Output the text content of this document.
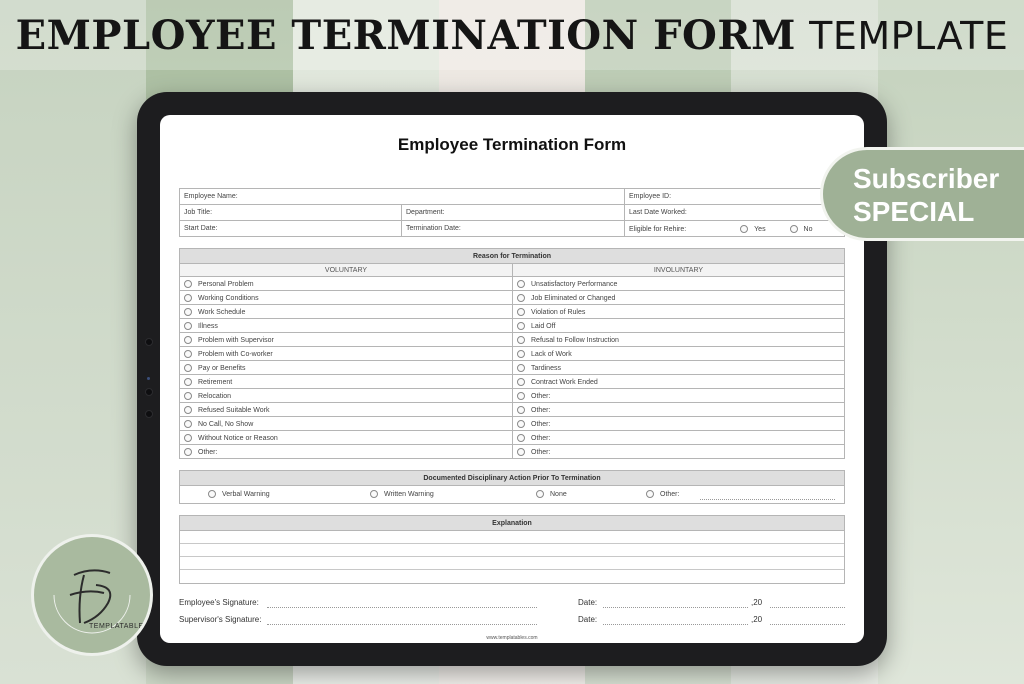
EMPLOYEE TERMINATION FORM TEMPLATE
Employee Termination Form
Employee Name:		Employee ID:
Job Title:	Department:	Last Date Worked:
Start Date:	Termination Date:	Eligible for Rehire: Yes No
Reason for Termination	
VOLUNTARY	INVOLUNTARY
Personal Problem	Unsatisfactory Performance
Working Conditions	Job Eliminated or Changed
Work Schedule	Violation of Rules
Illness	Laid Off
Problem with Supervisor	Refusal to Follow Instruction
Problem with Co-worker	Lack of Work
Pay or Benefits	Tardiness
Retirement	Contract Work Ended
Relocation	Other:
Refused Suitable Work	Other:
No Call, No Show	Other:
Without Notice or Reason	Other:
Other:	Other:
Documented Disciplinary Action Prior To Termination
Verbal Warning	Written Warning	None	Other:
Explanation
Employee's Signature:	Date:	,20
Supervisor's Signature:	Date:	,20
www.templatables.com
Subscriber
SPECIAL
TEMPLATABLES
